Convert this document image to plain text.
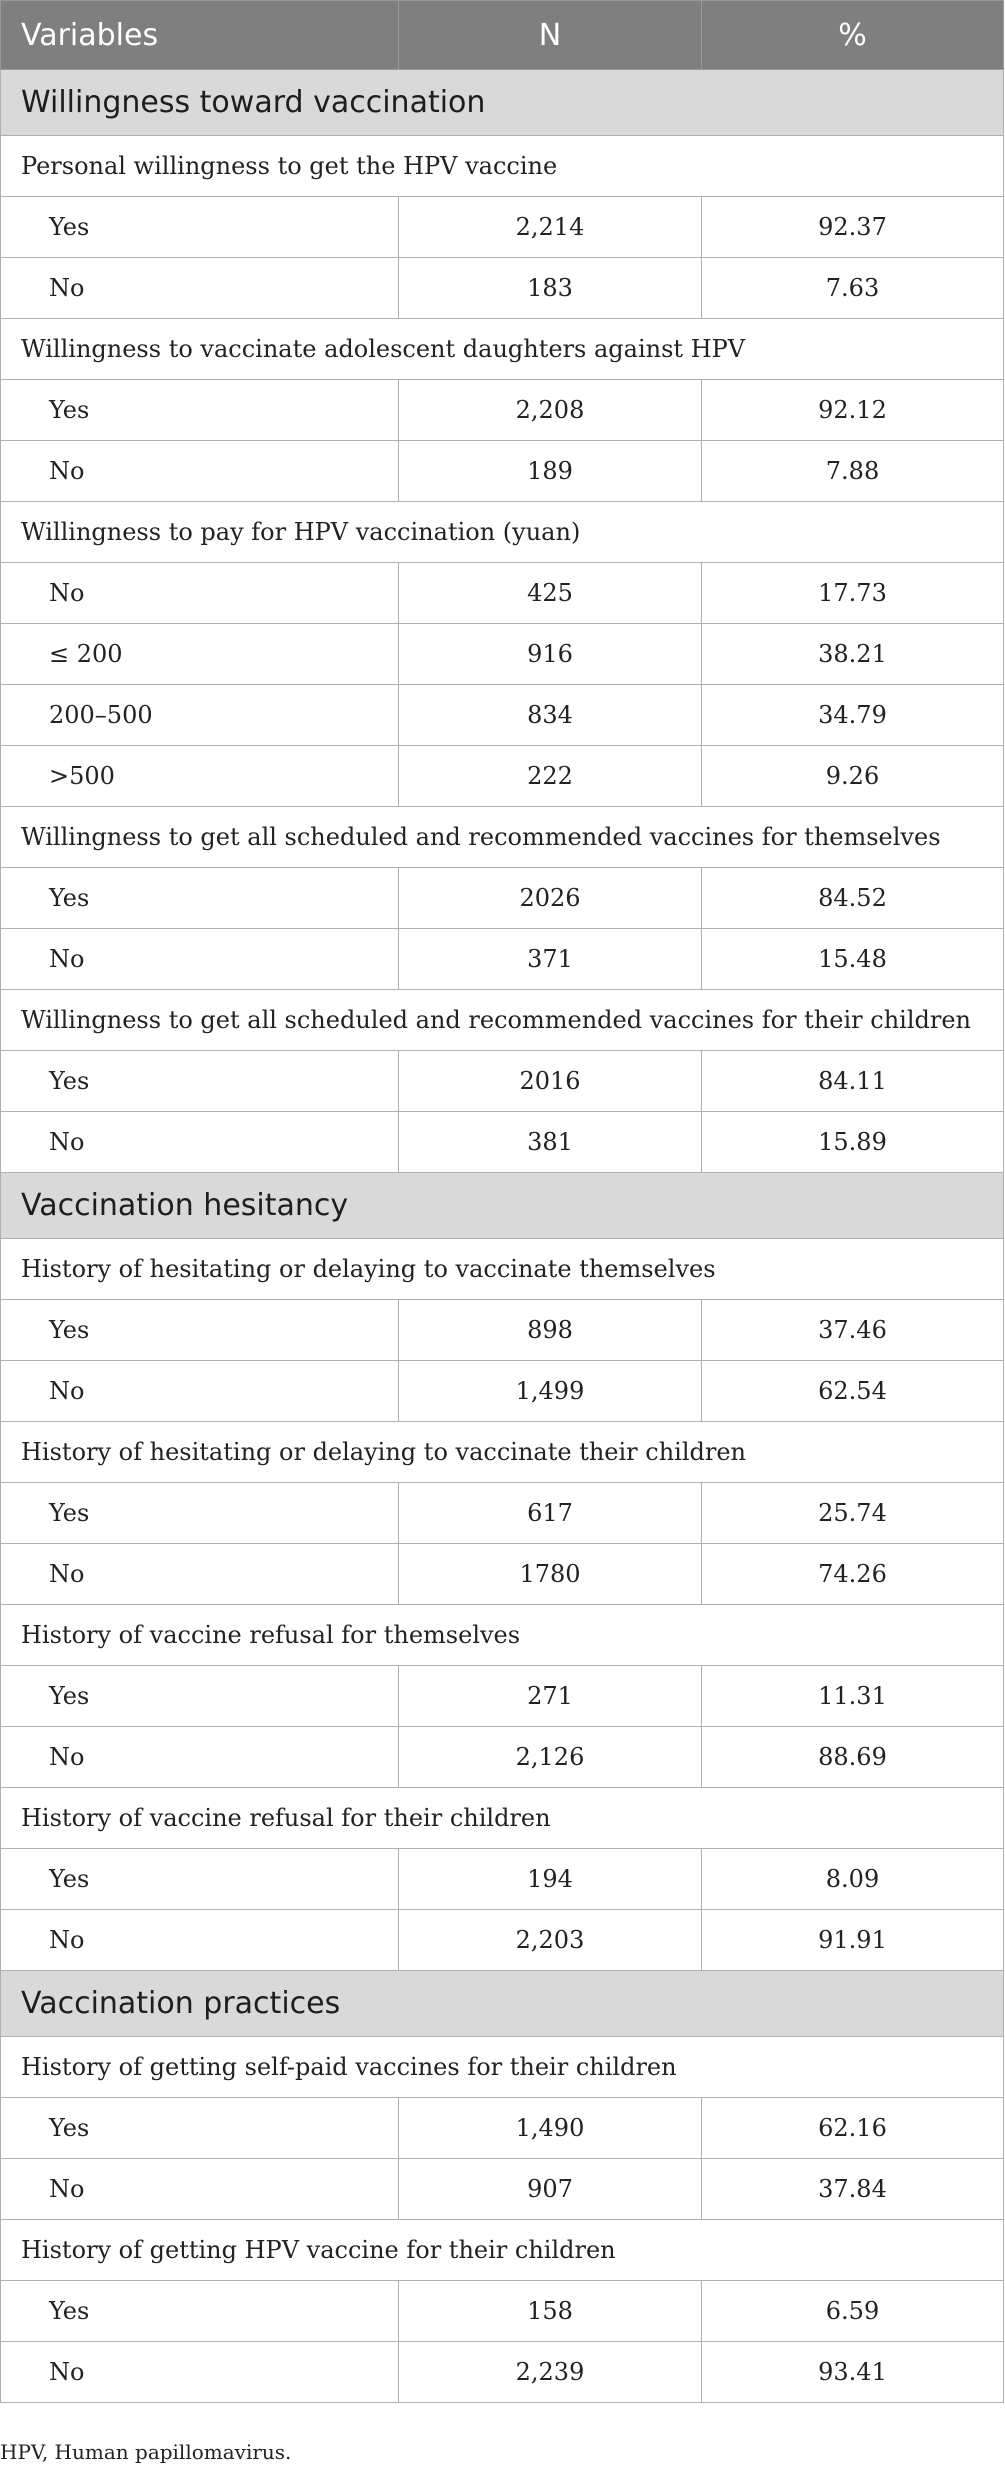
Variables	N	%
Willingness toward vaccination		
Personal willingness to get the HPV vaccine		
Yes	2,214	92.37
No	183	7.63
Willingness to vaccinate adolescent daughters against HPV		
Yes	2,208	92.12
No	189	7.88
Willingness to pay for HPV vaccination (yuan)		
No	425	17.73
≤ 200	916	38.21
200–500	834	34.79
>500	222	9.26
Willingness to get all scheduled and recommended vaccines for themselves		
Yes	2026	84.52
No	371	15.48
Willingness to get all scheduled and recommended vaccines for their children		
Yes	2016	84.11
No	381	15.89
Vaccination hesitancy		
History of hesitating or delaying to vaccinate themselves		
Yes	898	37.46
No	1,499	62.54
History of hesitating or delaying to vaccinate their children		
Yes	617	25.74
No	1780	74.26
History of vaccine refusal for themselves		
Yes	271	11.31
No	2,126	88.69
History of vaccine refusal for their children		
Yes	194	8.09
No	2,203	91.91
Vaccination practices		
History of getting self-paid vaccines for their children		
Yes	1,490	62.16
No	907	37.84
History of getting HPV vaccine for their children		
Yes	158	6.59
No	2,239	93.41
HPV, Human papillomavirus.
